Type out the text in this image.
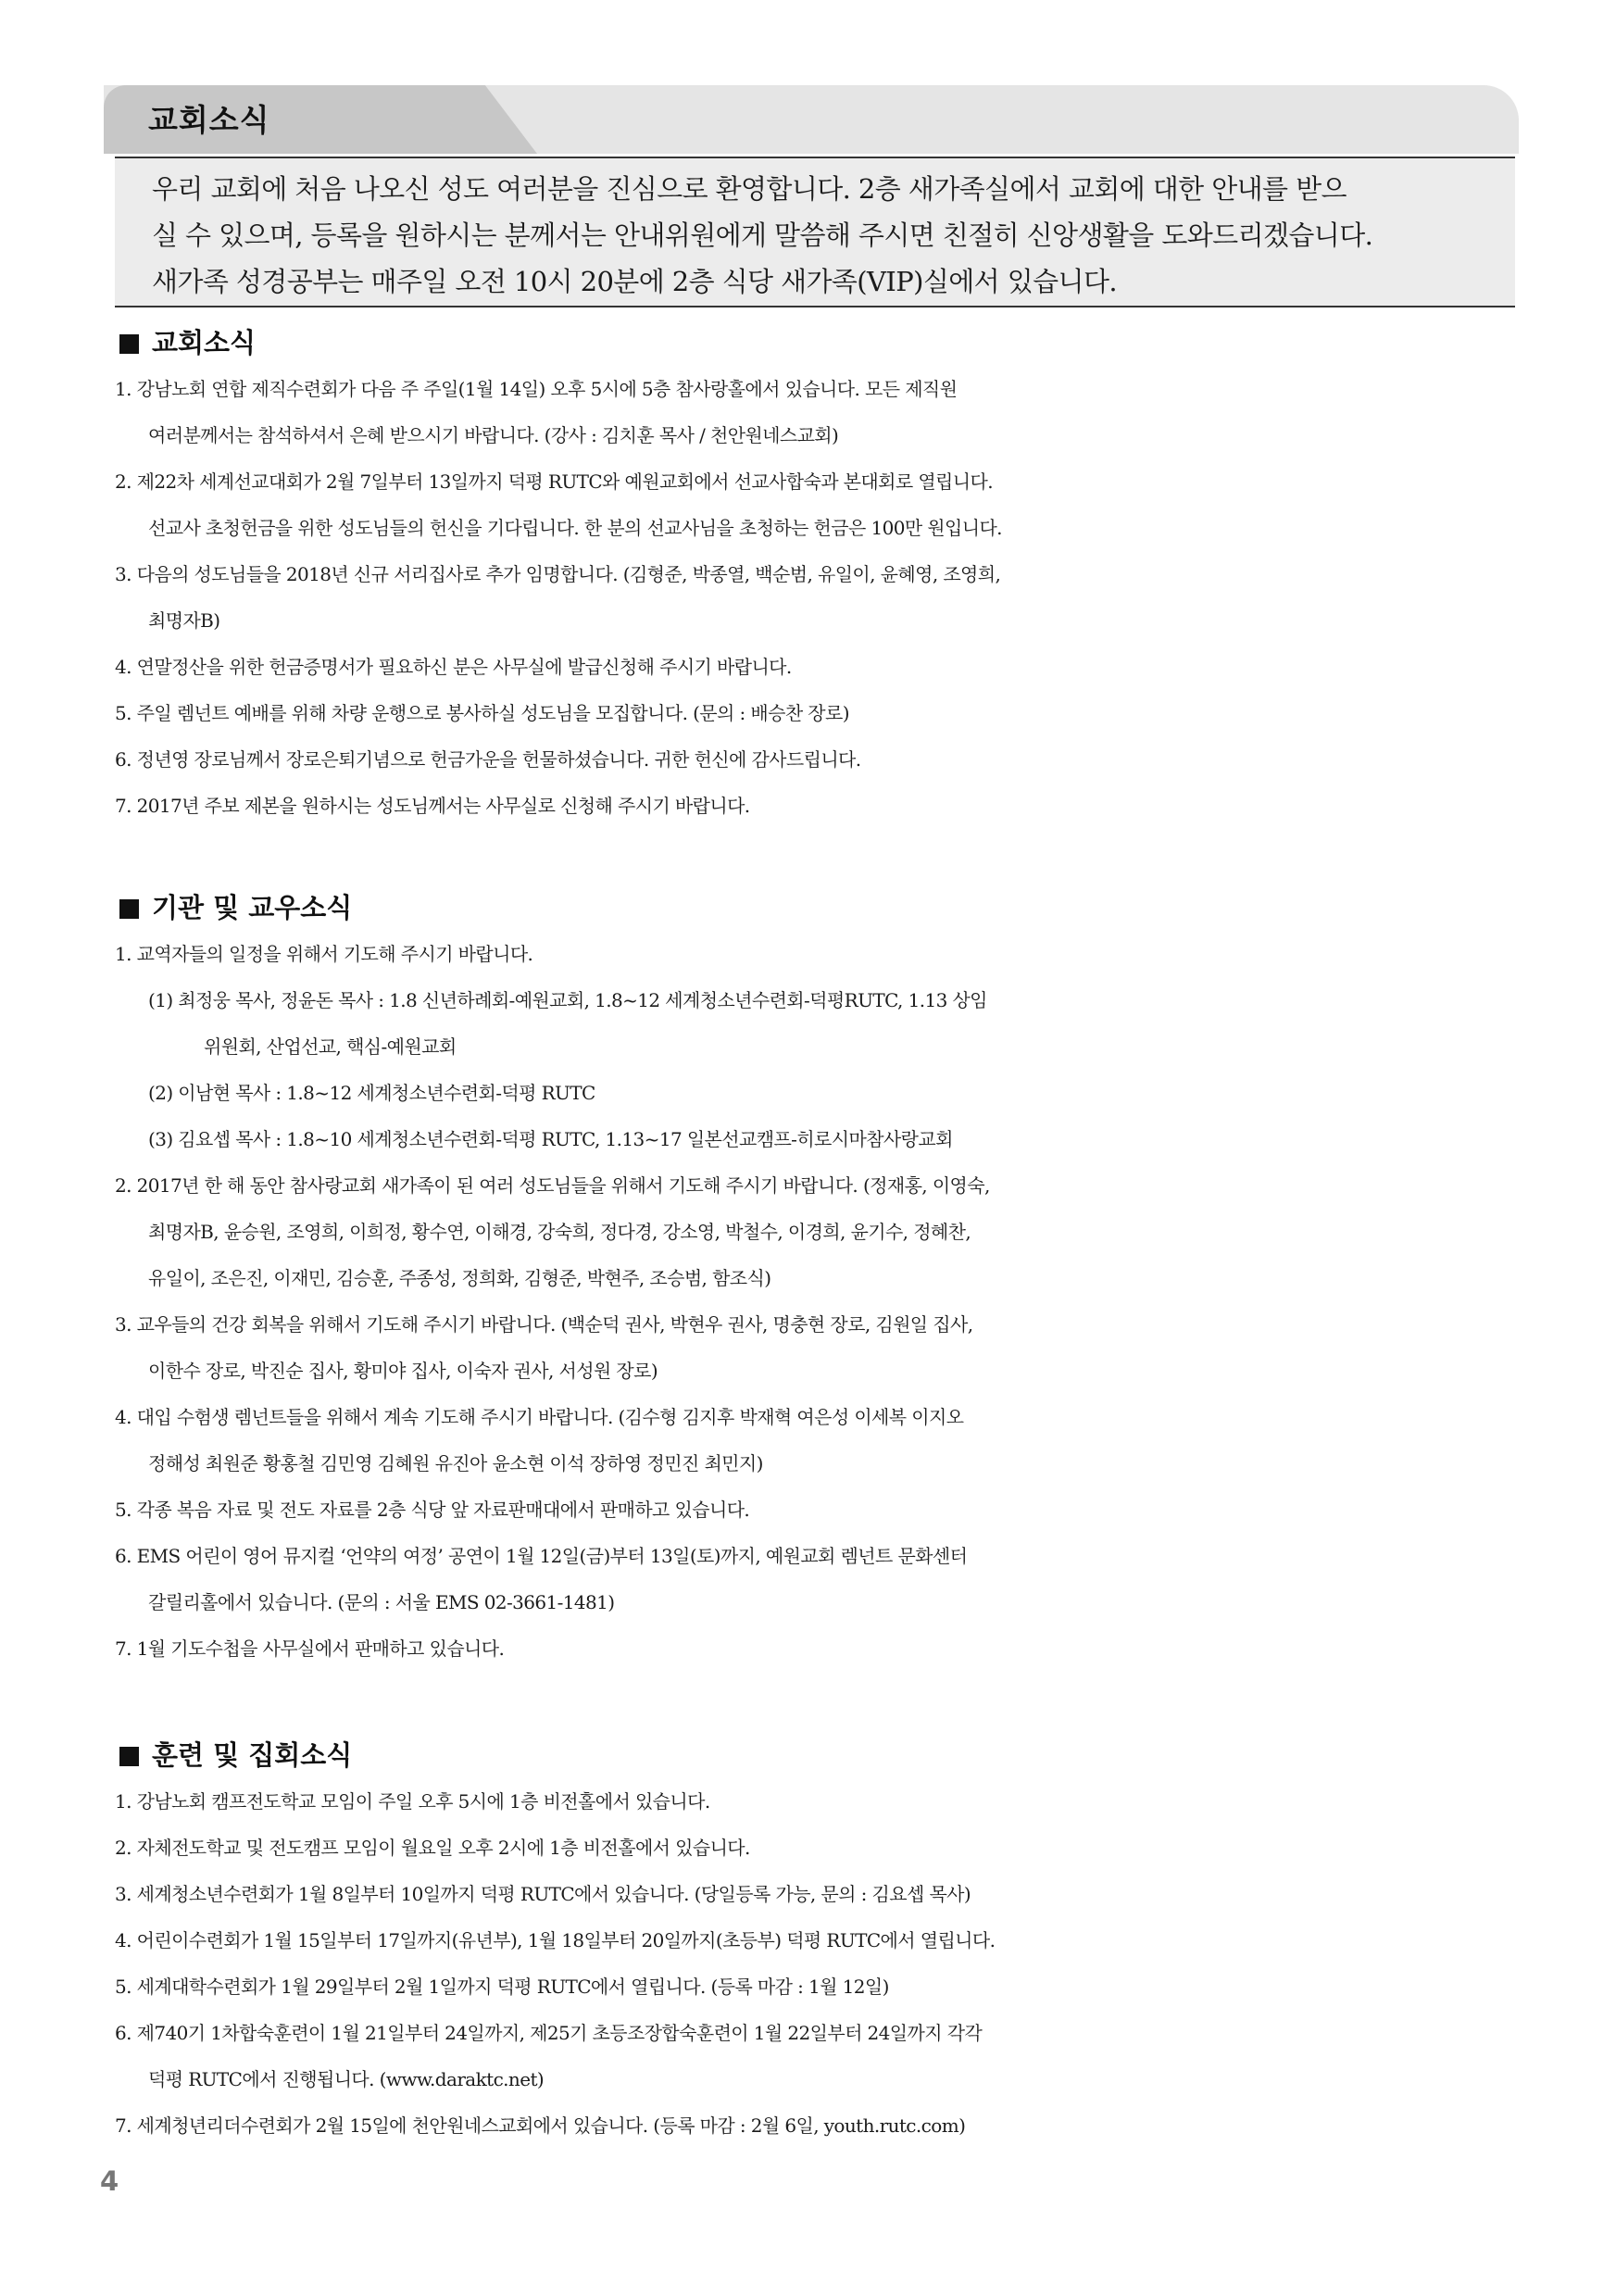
교회소식
우리 교회에 처음 나오신 성도 여러분을 진심으로 환영합니다. 2층 새가족실에서 교회에 대한 안내를 받으
실 수 있으며, 등록을 원하시는 분께서는 안내위원에게 말씀해 주시면 친절히 신앙생활을 도와드리겠습니다.
새가족 성경공부는 매주일 오전 10시 20분에 2층 식당 새가족(VIP)실에서 있습니다.
교회소식
1. 강남노회 연합 제직수련회가 다음 주 주일(1월 14일) 오후 5시에 5층 참사랑홀에서 있습니다. 모든 제직원
여러분께서는 참석하셔서 은혜 받으시기 바랍니다. (강사 : 김치훈 목사 / 천안원네스교회)
2. 제22차 세계선교대회가 2월 7일부터 13일까지 덕평 RUTC와 예원교회에서 선교사합숙과 본대회로 열립니다.
선교사 초청헌금을 위한 성도님들의 헌신을 기다립니다. 한 분의 선교사님을 초청하는 헌금은 100만 원입니다.
3. 다음의 성도님들을 2018년 신규 서리집사로 추가 임명합니다. (김형준, 박종열, 백순범, 유일이, 윤혜영, 조영희,
최명자B)
4. 연말정산을 위한 헌금증명서가 필요하신 분은 사무실에 발급신청해 주시기 바랍니다.
5. 주일 렘넌트 예배를 위해 차량 운행으로 봉사하실 성도님을 모집합니다. (문의 : 배승찬 장로)
6. 정년영 장로님께서 장로은퇴기념으로 헌금가운을 헌물하셨습니다. 귀한 헌신에 감사드립니다.
7. 2017년 주보 제본을 원하시는 성도님께서는 사무실로 신청해 주시기 바랍니다.
기관 및 교우소식
1. 교역자들의 일정을 위해서 기도해 주시기 바랍니다.
(1) 최정웅 목사, 정윤돈 목사 : 1.8 신년하례회-예원교회, 1.8~12 세계청소년수련회-덕평RUTC, 1.13 상임
위원회, 산업선교, 핵심-예원교회
(2) 이남현 목사 : 1.8~12 세계청소년수련회-덕평 RUTC
(3) 김요셉 목사 : 1.8~10 세계청소년수련회-덕평 RUTC, 1.13~17 일본선교캠프-히로시마참사랑교회
2. 2017년 한 해 동안 참사랑교회 새가족이 된 여러 성도님들을 위해서 기도해 주시기 바랍니다. (정재홍, 이영숙,
최명자B, 윤승원, 조영희, 이희정, 황수연, 이해경, 강숙희, 정다경, 강소영, 박철수, 이경희, 윤기수, 정혜찬,
유일이, 조은진, 이재민, 김승훈, 주종성, 정희화, 김형준, 박현주, 조승범, 함조식)
3. 교우들의 건강 회복을 위해서 기도해 주시기 바랍니다. (백순덕 권사, 박현우 권사, 명충현 장로, 김원일 집사,
이한수 장로, 박진순 집사, 황미야 집사, 이숙자 권사, 서성원 장로)
4. 대입 수험생 렘넌트들을 위해서 계속 기도해 주시기 바랍니다. (김수형 김지후 박재혁 여은성 이세복 이지오
정해성 최원준 황홍철 김민영 김혜원 유진아 윤소현 이석 장하영 정민진 최민지)
5. 각종 복음 자료 및 전도 자료를 2층 식당 앞 자료판매대에서 판매하고 있습니다.
6. EMS 어린이 영어 뮤지컬 ‘언약의 여정’ 공연이 1월 12일(금)부터 13일(토)까지, 예원교회 렘넌트 문화센터
갈릴리홀에서 있습니다. (문의 : 서울 EMS 02-3661-1481)
7. 1월 기도수첩을 사무실에서 판매하고 있습니다.
훈련 및 집회소식
1. 강남노회 캠프전도학교 모임이 주일 오후 5시에 1층 비전홀에서 있습니다.
2. 자체전도학교 및 전도캠프 모임이 월요일 오후 2시에 1층 비전홀에서 있습니다.
3. 세계청소년수련회가 1월 8일부터 10일까지 덕평 RUTC에서 있습니다. (당일등록 가능, 문의 : 김요셉 목사)
4. 어린이수련회가 1월 15일부터 17일까지(유년부), 1월 18일부터 20일까지(초등부) 덕평 RUTC에서 열립니다.
5. 세계대학수련회가 1월 29일부터 2월 1일까지 덕평 RUTC에서 열립니다. (등록 마감 : 1월 12일)
6. 제740기 1차합숙훈련이 1월 21일부터 24일까지, 제25기 초등조장합숙훈련이 1월 22일부터 24일까지 각각
덕평 RUTC에서 진행됩니다. (www.daraktc.net)
7. 세계청년리더수련회가 2월 15일에 천안원네스교회에서 있습니다. (등록 마감 : 2월 6일, youth.rutc.com)
4
